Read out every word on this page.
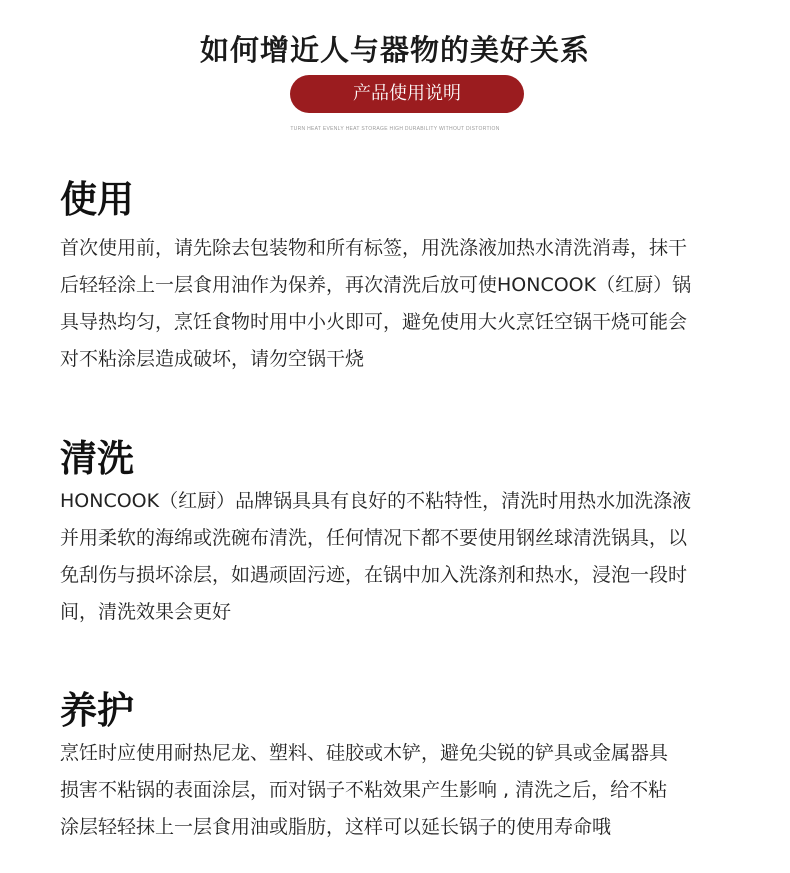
如何增近人与器物的美好关系
产品使用说明
TURN HEAT EVENLY HEAT STORAGE HIGH DURABILITY WITHOUT DISTORTION
使用
首次使用前，请先除去包装物和所有标签，用洗涤液加热水清洗消毒，抹干
后轻轻涂上一层食用油作为保养，再次清洗后放可使HONCOOK（红厨）锅
具导热均匀，烹饪食物时用中小火即可，避免使用大火烹饪空锅干烧可能会
对不粘涂层造成破坏，请勿空锅干烧
清洗
HONCOOK（红厨）品牌锅具具有良好的不粘特性，清洗时用热水加洗涤液
并用柔软的海绵或洗碗布清洗，任何情况下都不要使用钢丝球清洗锅具，以
免刮伤与损坏涂层，如遇顽固污迹，在锅中加入洗涤剂和热水，浸泡一段时
间，清洗效果会更好
养护
烹饪时应使用耐热尼龙、塑料、硅胶或木铲，避免尖锐的铲具或金属器具
损害不粘锅的表面涂层，而对锅子不粘效果产生影响 , 清洗之后，给不粘
涂层轻轻抹上一层食用油或脂肪，这样可以延长锅子的使用寿命哦
